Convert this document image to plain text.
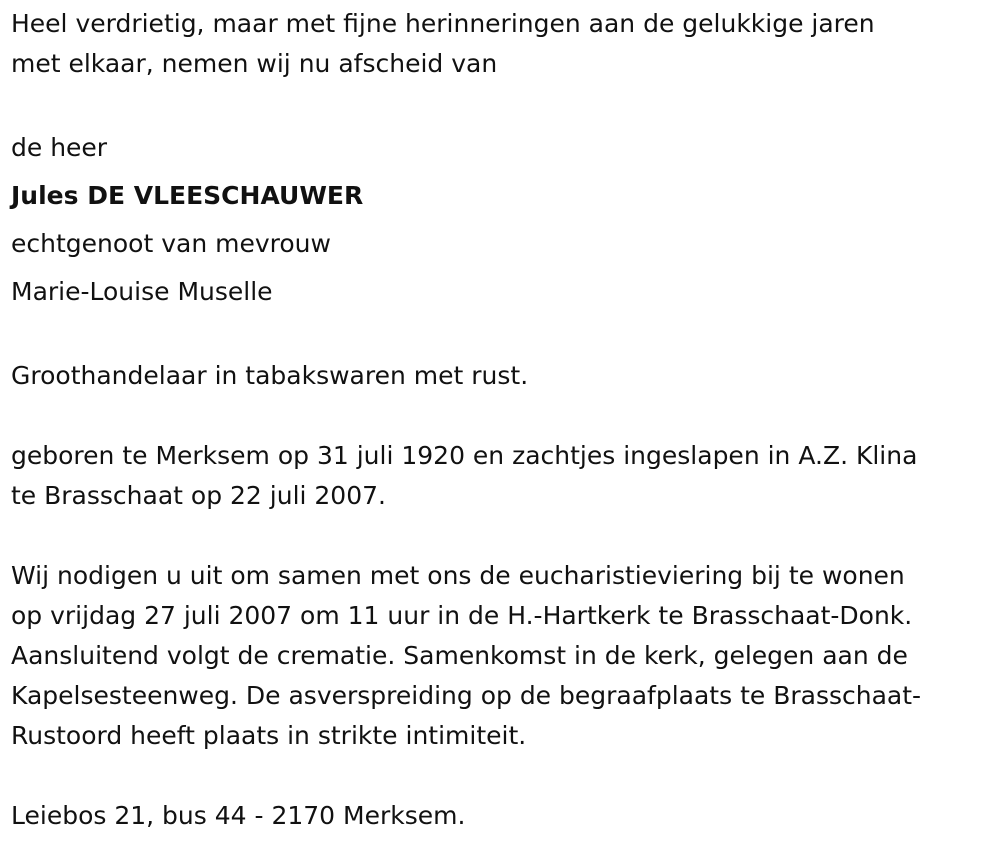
Heel verdrietig, maar met fijne herinneringen aan de gelukkige jaren
met elkaar, nemen wij nu afscheid van
de heer
Jules DE VLEESCHAUWER
echtgenoot van mevrouw
Marie-Louise Muselle
Groothandelaar in tabakswaren met rust.
geboren te Merksem op 31 juli 1920 en zachtjes ingeslapen in A.Z. Klina
te Brasschaat op 22 juli 2007.
Wij nodigen u uit om samen met ons de eucharistieviering bij te wonen
op vrijdag 27 juli 2007 om 11 uur in de H.-Hartkerk te Brasschaat-Donk.
Aansluitend volgt de crematie. Samenkomst in de kerk, gelegen aan de
Kapelsesteenweg. De asverspreiding op de begraafplaats te Brasschaat-
Rustoord heeft plaats in strikte intimiteit.
Leiebos 21, bus 44 - 2170 Merksem.
